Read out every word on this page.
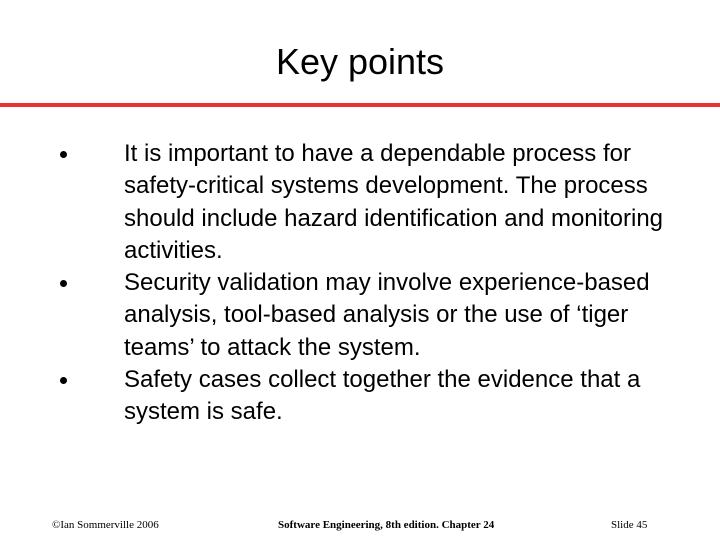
Key points
It is important to have a dependable process for safety-critical systems development. The process should include hazard identification and monitoring activities.
Security validation may involve experience-based analysis, tool-based analysis or the use of ‘tiger teams’ to attack the system.
Safety cases collect together the evidence that a system is safe.
©Ian Sommerville 2006	Software Engineering, 8th edition. Chapter 24	Slide 45
